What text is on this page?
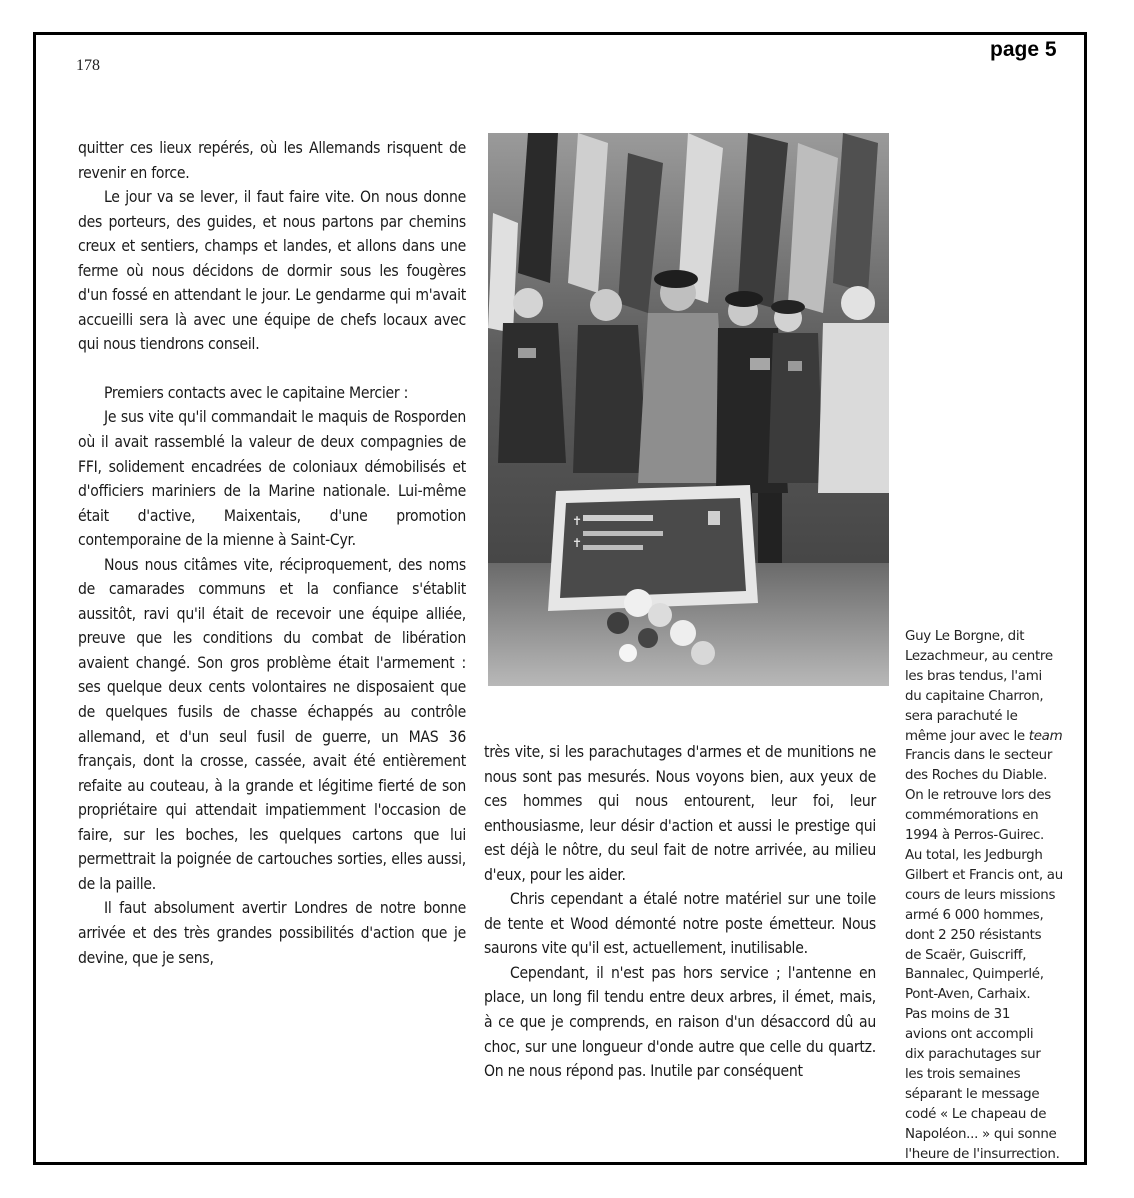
page 5
178

quitter ces lieux repérés, où les Allemands risquent de revenir en force.

Le jour va se lever, il faut faire vite. On nous donne des porteurs, des guides, et nous partons par chemins creux et sentiers, champs et landes, et allons dans une ferme où nous décidons de dormir sous les fougères d'un fossé en attendant le jour. Le gendarme qui m'avait accueilli sera là avec une équipe de chefs locaux avec qui nous tiendrons conseil.

Premiers contacts avec le capitaine Mercier :

Je sus vite qu'il commandait le maquis de Rosporden où il avait rassemblé la valeur de deux compagnies de FFI, solidement encadrées de coloniaux démobilisés et d'officiers mariniers de la Marine nationale. Lui-même était d'active, Maixentais, d'une promotion contemporaine de la mienne à Saint-Cyr.

Nous nous citâmes vite, réciproquement, des noms de camarades communs et la confiance s'établit aussitôt, ravi qu'il était de recevoir une équipe alliée, preuve que les conditions du combat de libération avaient changé. Son gros problème était l'armement : ses quelque deux cents volontaires ne disposaient que de quelques fusils de chasse échappés au contrôle allemand, et d'un seul fusil de guerre, un MAS 36 français, dont la crosse, cassée, avait été entièrement refaite au couteau, à la grande et légitime fierté de son propriétaire qui attendait impatiemment l'occasion de faire, sur les boches, les quelques cartons que lui permettrait la poignée de cartouches sorties, elles aussi, de la paille.

Il faut absolument avertir Londres de notre bonne arrivée et des très grandes possibilités d'action que je devine, que je sens,

✝
✝

très vite, si les parachutages d'armes et de munitions ne nous sont pas mesurés. Nous voyons bien, aux yeux de ces hommes qui nous entourent, leur foi, leur enthousiasme, leur désir d'action et aussi le prestige qui est déjà le nôtre, du seul fait de notre arrivée, au milieu d'eux, pour les aider.

Chris cependant a étalé notre matériel sur une toile de tente et Wood démonté notre poste émetteur. Nous saurons vite qu'il est, actuellement, inutilisable.

Cependant, il n'est pas hors service ; l'antenne en place, un long fil tendu entre deux arbres, il émet, mais, à ce que je comprends, en raison d'un désaccord dû au choc, sur une longueur d'onde autre que celle du quartz. On ne nous répond pas. Inutile par conséquent

Guy Le Borgne, dit
Lezachmeur, au centre
les bras tendus, l'ami
du capitaine Charron,
sera parachuté le
même jour avec le team
Francis dans le secteur
des Roches du Diable.
On le retrouve lors des
commémorations en
1994 à Perros-Guirec.
Au total, les Jedburgh
Gilbert et Francis ont, au
cours de leurs missions
armé 6 000 hommes,
dont 2 250 résistants
de Scaër, Guiscriff,
Bannalec, Quimperlé,
Pont-Aven, Carhaix.
Pas moins de 31
avions ont accompli
dix parachutages sur
les trois semaines
séparant le message
codé « Le chapeau de
Napoléon... » qui sonne
l'heure de l'insurrection.
